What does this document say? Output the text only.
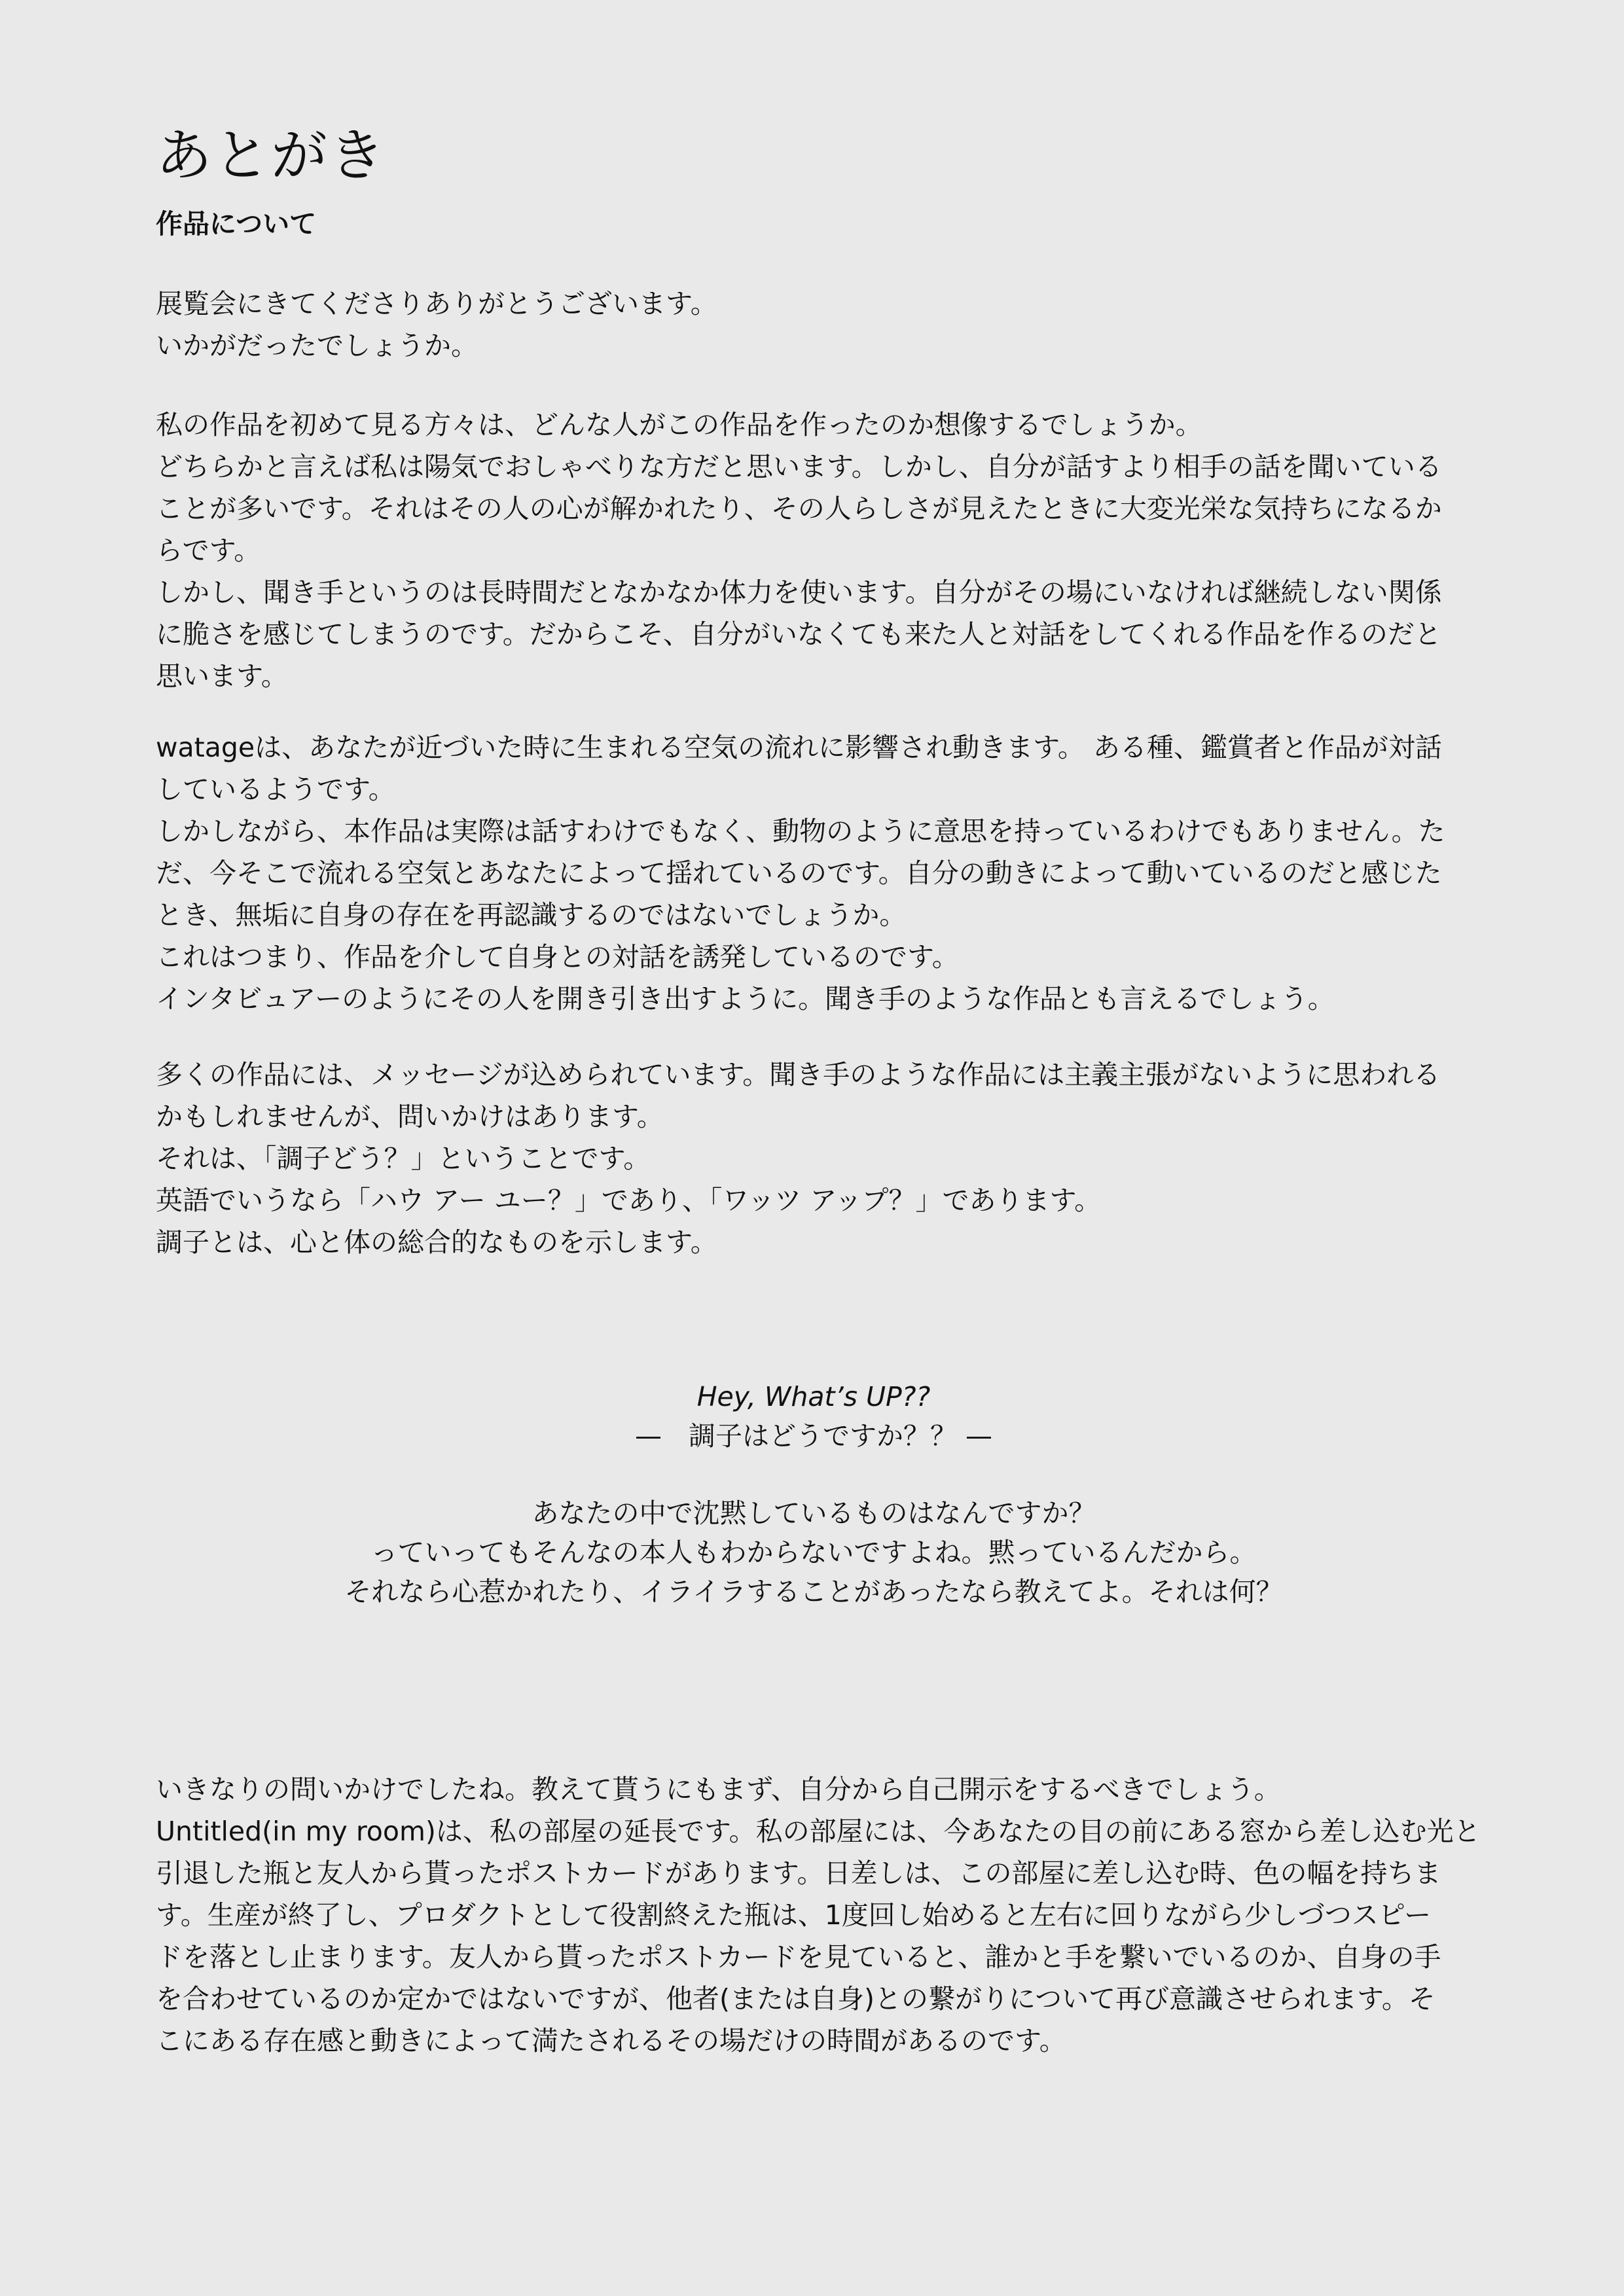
あとがき
作品について
展覧会にきてくださりありがとうございます。
いかがだったでしょうか。
私の作品を初めて見る方々は、どんな人がこの作品を作ったのか想像するでしょうか。
どちらかと言えば私は陽気でおしゃべりな方だと思います。しかし、自分が話すより相手の話を聞いている
ことが多いです。それはその人の心が解かれたり、その人らしさが見えたときに大変光栄な気持ちになるか
らです。
しかし、聞き手というのは長時間だとなかなか体力を使います。自分がその場にいなければ継続しない関係
に脆さを感じてしまうのです。だからこそ、自分がいなくても来た人と対話をしてくれる作品を作るのだと
思います。
watageは、あなたが近づいた時に生まれる空気の流れに影響され動きます。 ある種、鑑賞者と作品が対話
しているようです。
しかしながら、本作品は実際は話すわけでもなく、動物のように意思を持っているわけでもありません。た
だ、今そこで流れる空気とあなたによって揺れているのです。自分の動きによって動いているのだと感じた
とき、無垢に自身の存在を再認識するのではないでしょうか。
これはつまり、作品を介して自身との対話を誘発しているのです。
インタビュアーのようにその人を開き引き出すように。聞き手のような作品とも言えるでしょう。
多くの作品には、メッセージが込められています。聞き手のような作品には主義主張がないように思われる
かもしれませんが、問いかけはあります。
それは、「調子どう？」ということです。
英語でいうなら「ハウ アー ユー？」であり、「ワッツ アップ？」であります。
調子とは、心と体の総合的なものを示します。
Hey, What’s UP??
—　調子はどうですか？？ —
あなたの中で沈黙しているものはなんですか？
っていってもそんなの本人もわからないですよね。黙っているんだから。
それなら心惹かれたり、イライラすることがあったなら教えてよ。それは何？
いきなりの問いかけでしたね。教えて貰うにもまず、自分から自己開示をするべきでしょう。
Untitled(in my room)は、私の部屋の延長です。私の部屋には、今あなたの目の前にある窓から差し込む光と
引退した瓶と友人から貰ったポストカードがあります。日差しは、この部屋に差し込む時、色の幅を持ちま
す。生産が終了し、プロダクトとして役割終えた瓶は、1度回し始めると左右に回りながら少しづつスピー
ドを落とし止まります。友人から貰ったポストカードを見ていると、誰かと手を繋いでいるのか、自身の手
を合わせているのか定かではないですが、他者(または自身)との繋がりについて再び意識させられます。そ
こにある存在感と動きによって満たされるその場だけの時間があるのです。
